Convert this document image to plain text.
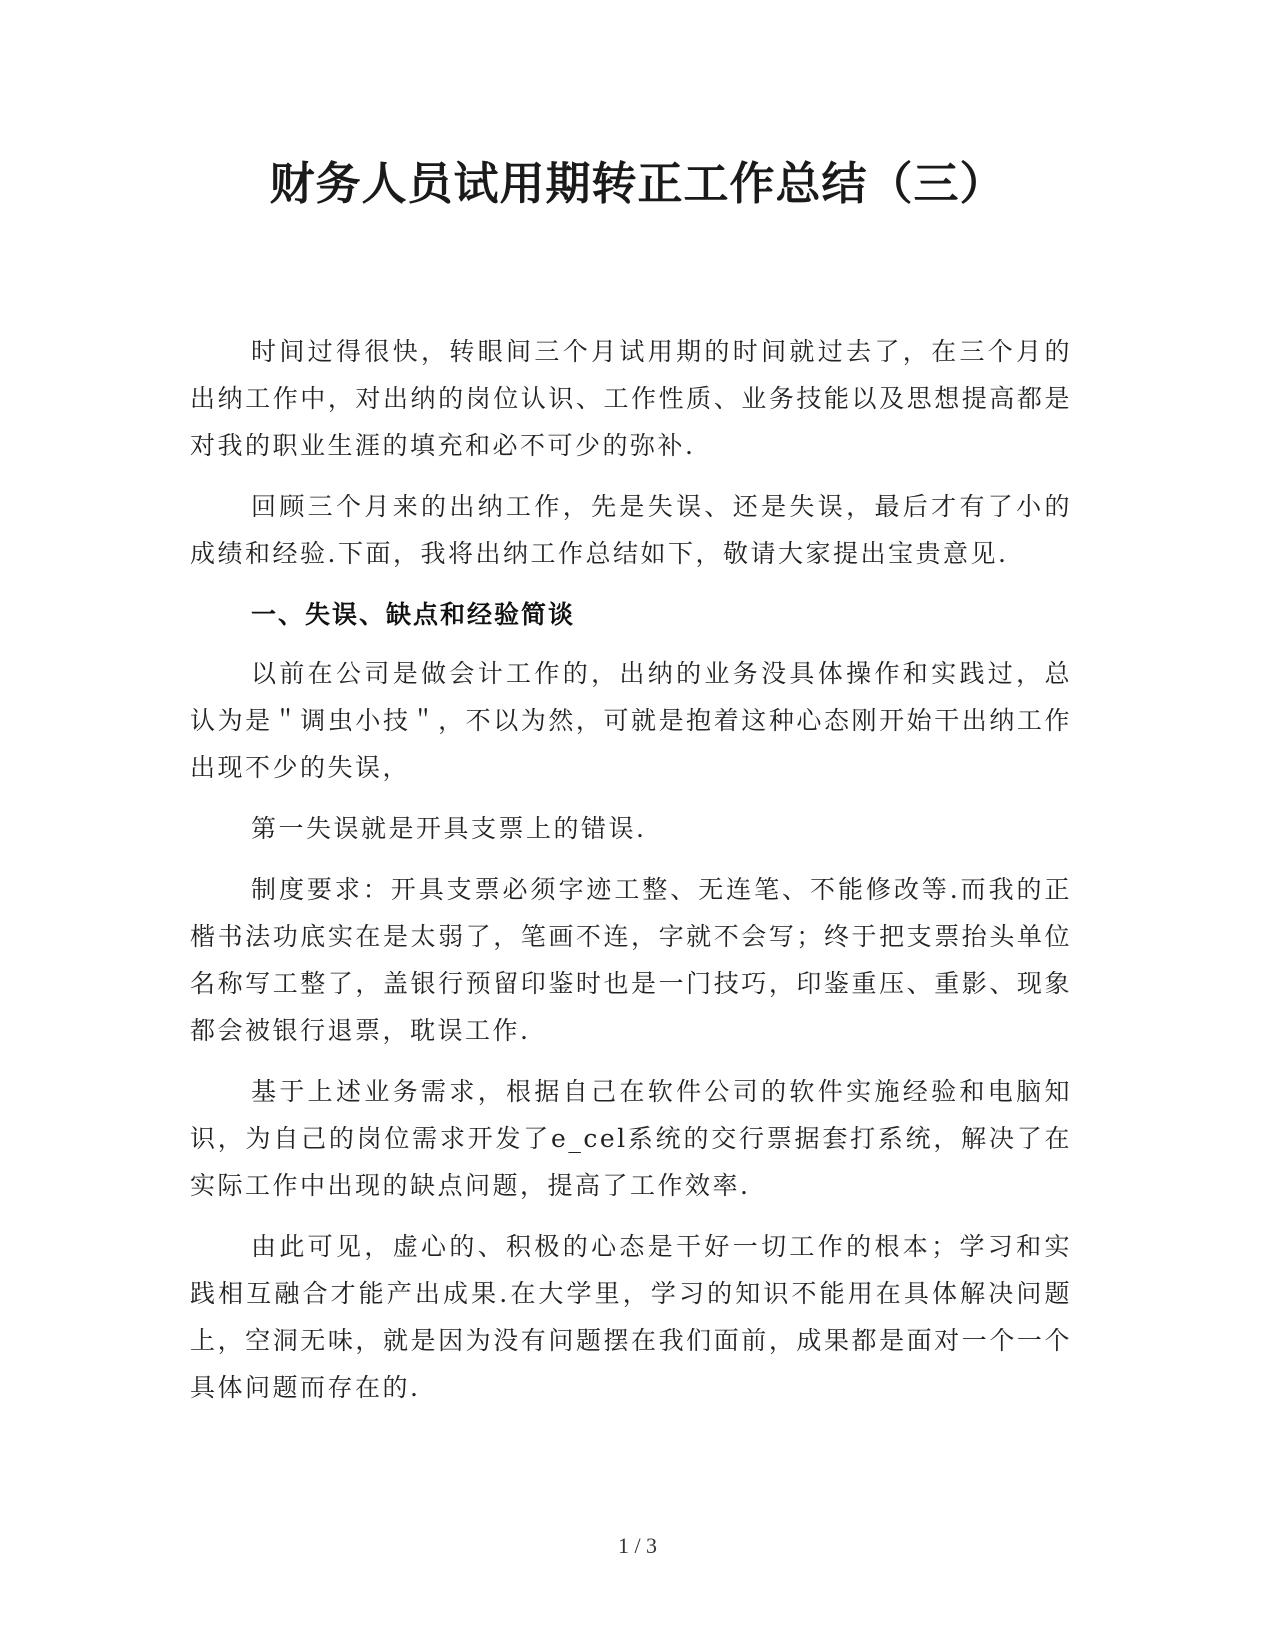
财务人员试用期转正工作总结（三）

时间过得很快，转眼间三个月试用期的时间就过去了，在三个月的出纳工作中，对出纳的岗位认识、工作性质、业务技能以及思想提高都是对我的职业生涯的填充和必不可少的弥补.

回顾三个月来的出纳工作，先是失误、还是失误，最后才有了小的成绩和经验.下面，我将出纳工作总结如下，敬请大家提出宝贵意见.

一、失误、缺点和经验简谈

以前在公司是做会计工作的，出纳的业务没具体操作和实践过，总认为是＂调虫小技＂，不以为然，可就是抱着这种心态刚开始干出纳工作出现不少的失误，

第一失误就是开具支票上的错误.

制度要求：开具支票必须字迹工整、无连笔、不能修改等.而我的正楷书法功底实在是太弱了，笔画不连，字就不会写；终于把支票抬头单位名称写工整了，盖银行预留印鉴时也是一门技巧，印鉴重压、重影、现象都会被银行退票，耽误工作.

基于上述业务需求，根据自己在软件公司的软件实施经验和电脑知识，为自己的岗位需求开发了e_cel系统的交行票据套打系统，解决了在实际工作中出现的缺点问题，提高了工作效率.

由此可见，虚心的、积极的心态是干好一切工作的根本；学习和实践相互融合才能产出成果.在大学里，学习的知识不能用在具体解决问题上，空洞无味，就是因为没有问题摆在我们面前，成果都是面对一个一个具体问题而存在的.

1 / 3
